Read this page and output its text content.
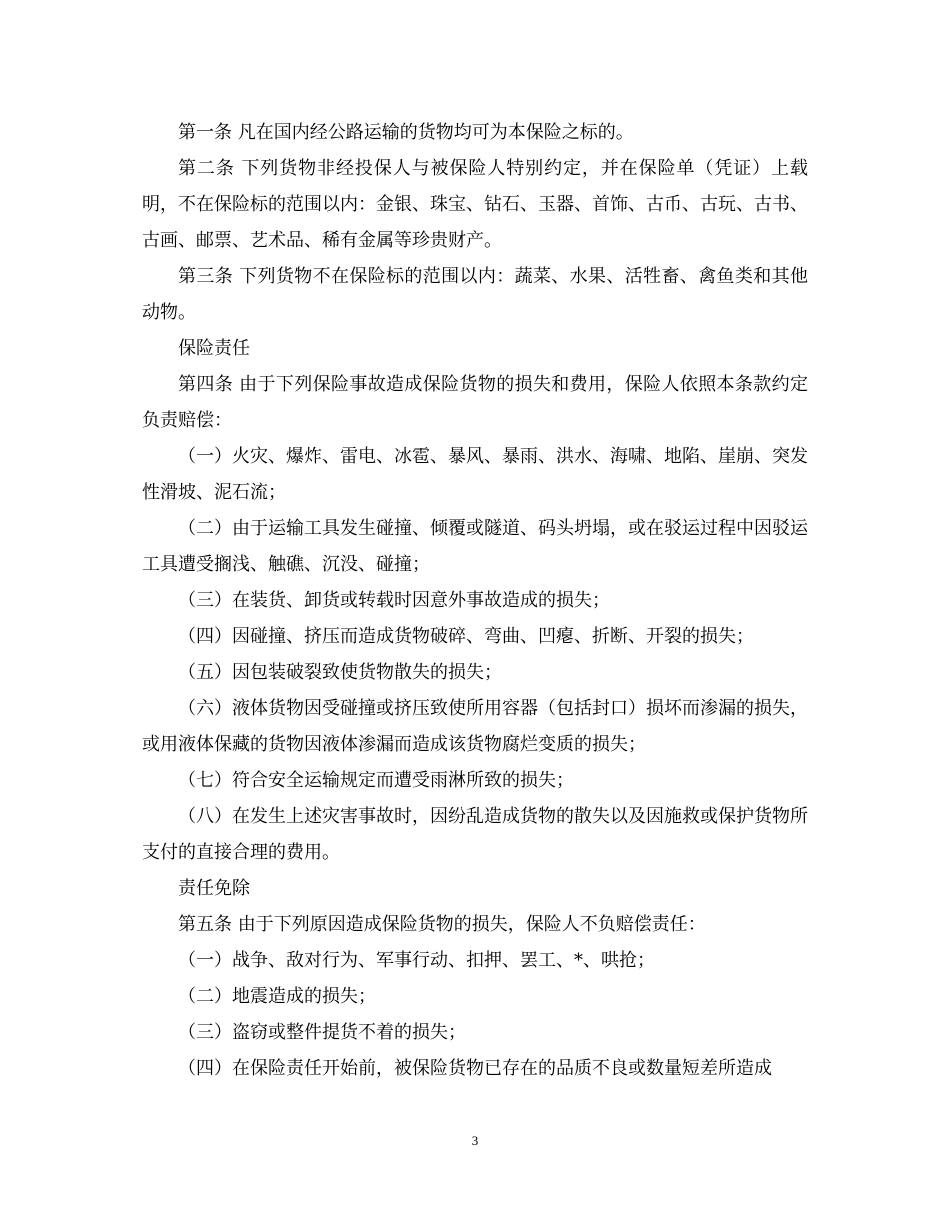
第一条 凡在国内经公路运输的货物均可为本保险之标的。

第二条 下列货物非经投保人与被保险人特别约定，并在保险单（凭证）上载明，不在保险标的范围以内：金银、珠宝、钻石、玉器、首饰、古币、古玩、古书、古画、邮票、艺术品、稀有金属等珍贵财产。

第三条 下列货物不在保险标的范围以内：蔬菜、水果、活牲畜、禽鱼类和其他动物。

保险责任

第四条 由于下列保险事故造成保险货物的损失和费用，保险人依照本条款约定负责赔偿：

（一）火灾、爆炸、雷电、冰雹、暴风、暴雨、洪水、海啸、地陷、崖崩、突发性滑坡、泥石流；

（二）由于运输工具发生碰撞、倾覆或隧道、码头坍塌，或在驳运过程中因驳运工具遭受搁浅、触礁、沉没、碰撞；

（三）在装货、卸货或转载时因意外事故造成的损失；

（四）因碰撞、挤压而造成货物破碎、弯曲、凹瘪、折断、开裂的损失；

（五）因包装破裂致使货物散失的损失；

（六）液体货物因受碰撞或挤压致使所用容器（包括封口）损坏而渗漏的损失，或用液体保藏的货物因液体渗漏而造成该货物腐烂变质的损失；

（七）符合安全运输规定而遭受雨淋所致的损失；

（八）在发生上述灾害事故时，因纷乱造成货物的散失以及因施救或保护货物所支付的直接合理的费用。

责任免除

第五条 由于下列原因造成保险货物的损失，保险人不负赔偿责任：

（一）战争、敌对行为、军事行动、扣押、罢工、*、哄抢；

（二）地震造成的损失；

（三）盗窃或整件提货不着的损失；

（四）在保险责任开始前，被保险货物已存在的品质不良或数量短差所造成

3
